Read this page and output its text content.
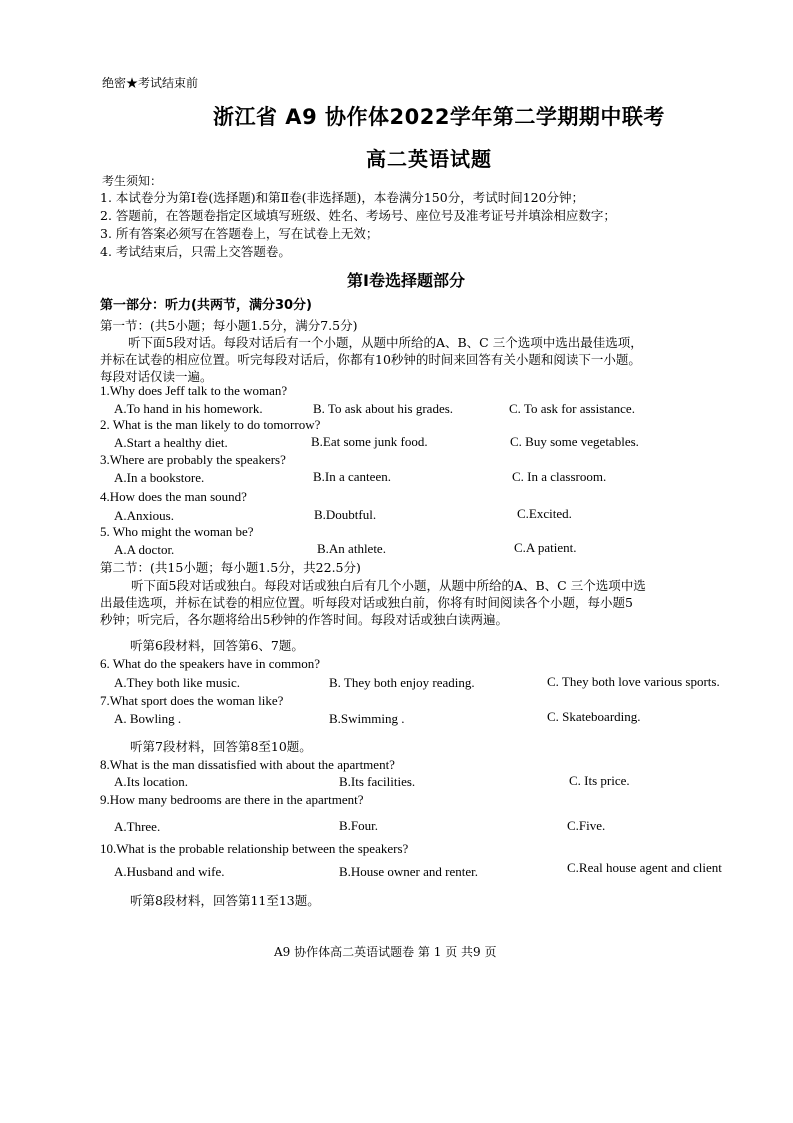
绝密★考试结束前
浙江省 A9 协作体2022学年第二学期期中联考
高二英语试题
考生须知：
1. 本试卷分为第Ⅰ卷(选择题)和第Ⅱ卷(非选择题)，本卷满分150分，考试时间120分钟；
2. 答题前，在答题卷指定区域填写班级、姓名、考场号、座位号及准考证号并填涂相应数字；
3. 所有答案必须写在答题卷上，写在试卷上无效；
4. 考试结束后，只需上交答题卷。
第Ⅰ卷选择题部分
第一部分：听力(共两节，满分30分)
第一节：(共5小题；每小题1.5分，满分7.5分)
听下面5段对话。每段对话后有一个小题，从题中所给的A、B、C 三个选项中选出最佳选项，
并标在试卷的相应位置。听完每段对话后，你都有10秒钟的时间来回答有关小题和阅读下一小题。
每段对话仅读一遍。
1.Why does Jeff talk to the woman?
A.To hand in his homework.	B. To ask about his grades.	C. To ask for assistance.
2. What is the man likely to do tomorrow?
A.Start a healthy diet.	B.Eat some junk food.	C. Buy some vegetables.
3.Where are probably the speakers?
A.In a bookstore.	B.In a canteen.	C. In a classroom.
4.How does the man sound?
A.Anxious.	B.Doubtful.	C.Excited.
5. Who might the woman be?
A.A doctor.	B.An athlete.	C.A patient.
第二节：(共15小题；每小题1.5分，共22.5分)
听下面5段对话或独白。每段对话或独白后有几个小题，从题中所给的A、B、C 三个选项中选
出最佳选项，并标在试卷的相应位置。听每段对话或独白前，你将有时间阅读各个小题，每小题5
秒钟；听完后，各尔题将给出5秒钟的作答时间。每段对话或独白读两遍。
听第6段材料，回答第6、7题。
6. What do the speakers have in common?
A.They both like music.	B. They both enjoy reading.	C. They both love various sports.
7.What sport does the woman like?
A. Bowling .	B.Swimming .	C. Skateboarding.
听第7段材料，回答第8至10题。
8.What is the man dissatisfied with about the apartment?
A.Its location.	B.Its facilities.	C. Its price.
9.How many bedrooms are there in the apartment?
A.Three.	B.Four.	C.Five.
10.What is the probable relationship between the speakers?
A.Husband and wife.	B.House owner and renter.	C.Real house agent and client
听第8段材料，回答第11至13题。
A9 协作体高二英语试题卷 第 1 页 共9 页
